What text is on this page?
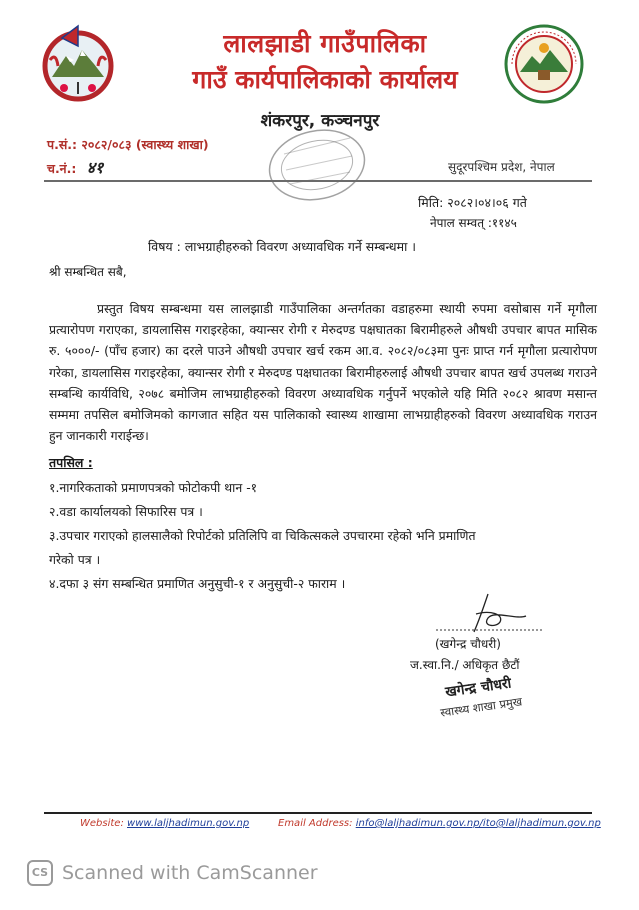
लालझाडी गाउँपालिका
गाउँ कार्यपालिकाको कार्यालय
शंकरपुर, कञ्चनपुर
प.सं.: २०८२/०८३ (स्वास्थ्य शाखा)
च.नं.: ४१	सुदूरपश्चिम प्रदेश, नेपाल
मिति: २०८२।०४।०६ गते
नेपाल सम्वत् :११४५
विषय : लाभग्राहीहरुको विवरण अध्यावधिक गर्ने सम्बन्धमा ।
श्री सम्बन्धित सबै,

प्रस्तुत विषय सम्बन्धमा यस लालझाडी गाउँपालिका अन्तर्गतका वडाहरुमा स्थायी रुपमा वसोबास गर्ने मृगौला प्रत्यारोपण गराएका, डायलासिस गराइरहेका, क्यान्सर रोगी र मेरुदण्ड पक्षघातका बिरामीहरुले औषधी उपचार बापत मासिक रु. ५०००/- (पाँच हजार) का दरले पाउने औषधी उपचार खर्च रकम आ.व. २०८२/०८३मा पुनः प्राप्त गर्न मृगौला प्रत्यारोपण गरेका, डायलासिस गराइरहेका, क्यान्सर रोगी र मेरुदण्ड पक्षघातका बिरामीहरुलाई औषधी उपचार बापत खर्च उपलब्ध गराउने सम्बन्धि कार्यविधि, २०७८ बमोजिम लाभग्राहीहरुको विवरण अध्यावधिक गर्नुपर्ने भएकोले यहि मिति २०८२ श्रावण मसान्त सम्ममा तपसिल बमोजिमको कागजात सहित यस पालिकाको स्वास्थ्य शाखामा लाभग्राहीहरुको विवरण अध्यावधिक गराउन हुन जानकारी गराईन्छ।

तपसिल :
१.नागरिकताको प्रमाणपत्रको फोटोकपी थान -१
२.वडा कार्यालयको सिफारिस पत्र ।
३.उपचार गराएको हालसालैको रिपोर्टको प्रतिलिपि वा चिकित्सकले उपचारमा रहेको भनि प्रमाणित
गरेको पत्र ।
४.दफा ३ संग सम्बन्धित प्रमाणित अनुसुची-१ र अनुसुची-२ फाराम ।
(खगेन्द्र चौधरी)
ज.स्वा.नि./ अधिकृत छैटौं
खगेन्द्र चौधरी
स्वास्थ्य शाखा प्रमुख
Website: www.laljhadimun.gov.np	Email Address: info@laljhadimun.gov.np/ito@laljhadimun.gov.np
CS Scanned with CamScanner
